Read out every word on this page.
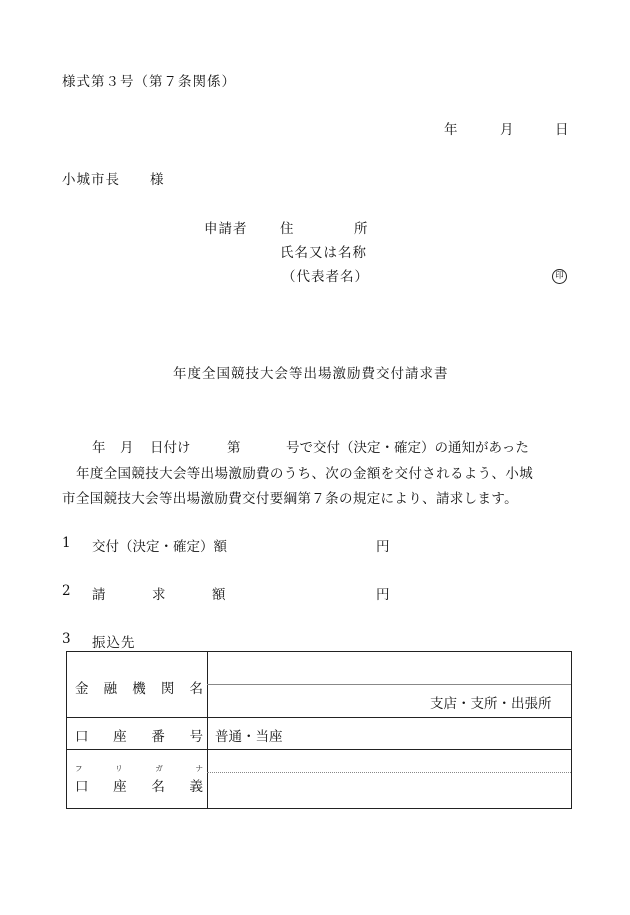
様式第３号（第７条関係）
年	月	日
小城市長 様
申請者 住	所
氏名又は名称
（代表者名）	印
年度全国競技大会等出場激励費交付請求書
年 月 日付け	第	号で交付（決定・確定）の通知があった
年度全国競技大会等出場激励費のうち、次の金額を交付されるよう、小城
市全国競技大会等出場激励費交付要綱第７条の規定により、請求します。
1 交付（決定・確定）額	円
2 請	求	額	円
3 振込先
金 融 機 関 名
支店・支所・出張所
口 座 番 号 普通・当座
フ	リ	ガ	ナ
口 座 名 義
